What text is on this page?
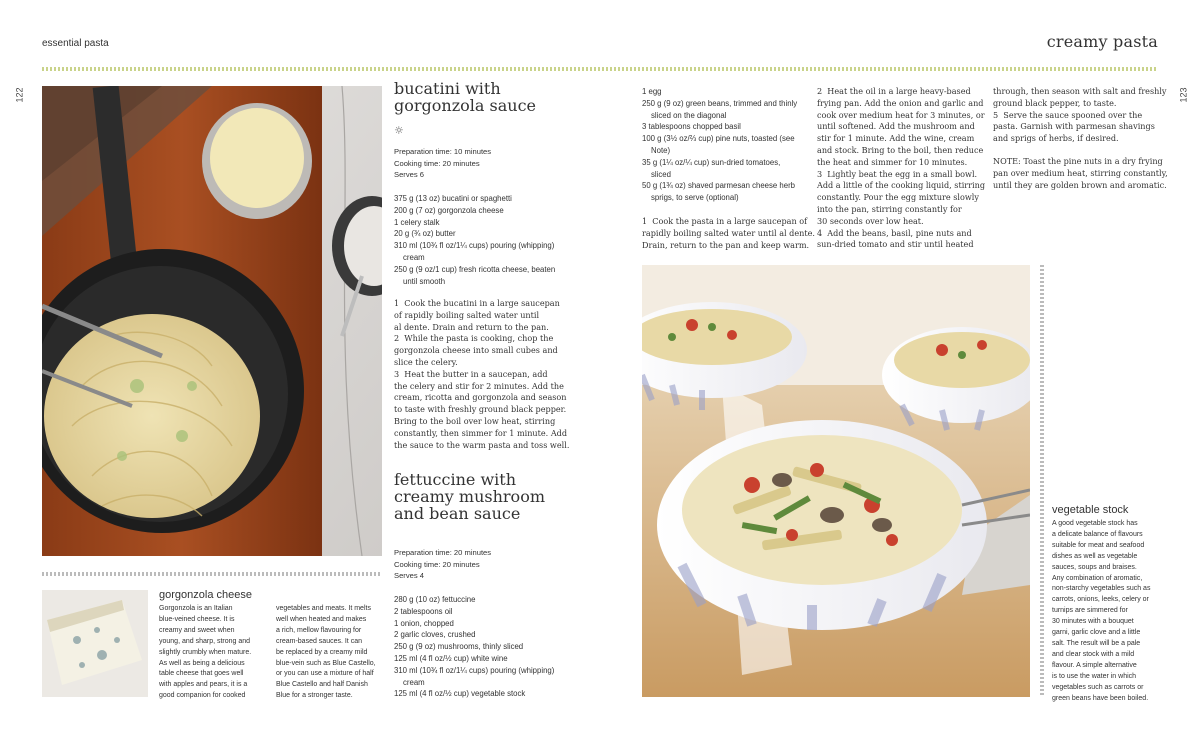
essential pasta	creamy pasta
122	123
bucatini with
gorgonzola sauce
☼
Preparation time: 10 minutes
Cooking time: 20 minutes
Serves 6
375 g (13 oz) bucatini or spaghetti
200 g (7 oz) gorgonzola cheese
1 celery stalk
20 g (¾ oz) butter
310 ml (10¾ fl oz/1¼ cups) pouring (whipping) cream
250 g (9 oz/1 cup) fresh ricotta cheese, beaten until smooth
1  Cook the bucatini in a large saucepan
of rapidly boiling salted water until
al dente. Drain and return to the pan.
2  While the pasta is cooking, chop the
gorgonzola cheese into small cubes and
slice the celery.
3  Heat the butter in a saucepan, add
the celery and stir for 2 minutes. Add the
cream, ricotta and gorgonzola and season
to taste with freshly ground black pepper.
Bring to the boil over low heat, stirring
constantly, then simmer for 1 minute. Add
the sauce to the warm pasta and toss well.
fettuccine with
creamy mushroom
and bean sauce
Preparation time: 20 minutes
Cooking time: 20 minutes
Serves 4
280 g (10 oz) fettuccine
2 tablespoons oil
1 onion, chopped
2 garlic cloves, crushed
250 g (9 oz) mushrooms, thinly sliced
125 ml (4 fl oz/½ cup) white wine
310 ml (10¾ fl oz/1¼ cups) pouring (whipping) cream
125 ml (4 fl oz/½ cup) vegetable stock
1 egg
250 g (9 oz) green beans, trimmed and thinly sliced on the diagonal
3 tablespoons chopped basil
100 g (3½ oz/⅔ cup) pine nuts, toasted (see Note)
35 g (1¼ oz/¼ cup) sun-dried tomatoes, sliced
50 g (1¾ oz) shaved parmesan cheese herb sprigs, to serve (optional)
1  Cook the pasta in a large saucepan of
rapidly boiling salted water until al dente.
Drain, return to the pan and keep warm.
2  Heat the oil in a large heavy-based
frying pan. Add the onion and garlic and
cook over medium heat for 3 minutes, or
until softened. Add the mushroom and
stir for 1 minute. Add the wine, cream
and stock. Bring to the boil, then reduce
the heat and simmer for 10 minutes.
3  Lightly beat the egg in a small bowl.
Add a little of the cooking liquid, stirring
constantly. Pour the egg mixture slowly
into the pan, stirring constantly for
30 seconds over low heat.
4  Add the beans, basil, pine nuts and
sun-dried tomato and stir until heated
through, then season with salt and freshly
ground black pepper, to taste.
5  Serve the sauce spooned over the
pasta. Garnish with parmesan shavings
and sprigs of herbs, if desired.
NOTE: Toast the pine nuts in a dry frying
pan over medium heat, stirring constantly,
until they are golden brown and aromatic.
gorgonzola cheese
Gorgonzola is an Italian
blue-veined cheese. It is
creamy and sweet when
young, and sharp, strong and
slightly crumbly when mature.
As well as being a delicious
table cheese that goes well
with apples and pears, it is a
good companion for cooked
vegetables and meats. It melts
well when heated and makes
a rich, mellow flavouring for
cream-based sauces. It can
be replaced by a creamy mild
blue-vein such as Blue Castello,
or you can use a mixture of half
Blue Castello and half Danish
Blue for a stronger taste.
vegetable stock
A good vegetable stock has
a delicate balance of flavours
suitable for meat and seafood
dishes as well as vegetable
sauces, soups and braises.
Any combination of aromatic,
non-starchy vegetables such as
carrots, onions, leeks, celery or
turnips are simmered for
30 minutes with a bouquet
garni, garlic clove and a little
salt. The result will be a pale
and clear stock with a mild
flavour. A simple alternative
is to use the water in which
vegetables such as carrots or
green beans have been boiled.
